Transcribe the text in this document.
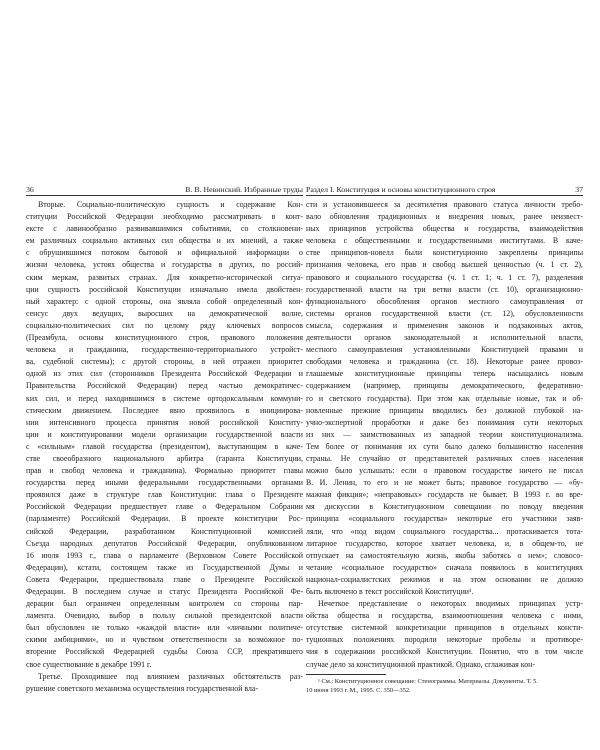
36	В. В. Невинский. Избранные труды
Вторые. Социально-политическую сущность и содержание Кон-
ституции Российской Федерации необходимо рассматривать в конт-
ексте с лавинообразно развивавшимися событиями, со столкновени-
ем различных социально активных сил общества и их мнений, а также
с обрушившимся потоком бытовой и официальной информации о
жизни человека, устоях общества и государства в других, по россий-
ским меркам, развитых странах. Для конкретно-исторической ситуа-
ции сущность российской Конституции изначально имела двойствен-
ный характер: с одной стороны, она являла собой определенный кон-
сенсус двух ведущих, выросших на демократической волне,
социально-политических сил по целому ряду ключевых вопросов
(Преамбула, основы конституционного строя, правового положения
человека и гражданина, государственно-территориального устройст-
ва, судебной системы); с другой стороны, в ней отражен приоритет
одной из этих сил (сторонников Президента Российской Федерации и
Правительства Российской Федерации) перед частью демократичес-
ких сил, и перед находившимся в системе ортодоксальным коммуни-
стическим движением. Последнее явно проявилось в инициирова-
нии интенсивного процесса принятия новой российской Конститу-
ции и конституировании модели организации государственной власти
с «сильным» главой государства (президентом), выступающим в каче-
стве своеобразного национального арбитра (гаранта Конституции,
прав и свобод человека и гражданина). Формально приоритет главы
государства перед иными федеральными государственными органами
проявился даже в структуре глав Конституции: глава о Президенте
Российской Федерации предшествует главе о Федеральном Собрании
(парламенте) Российской Федерации. В проекте конституции Рос-
сийской Федерации, разработанном Конституционной комиссией
Съезда народных депутатов Российской Федерации, опубликованном
16 июля 1993 г., глава о парламенте (Верховном Совете Российской
Федерации), кстати, состоящем также из Государственной Думы и
Совета Федерации, предшествовала главе о Президенте Российской
Федерации. В последнем случае и статус Президента Российской Фе-
дерации был ограничен определенным контролем со стороны пар-
ламента. Очевидно, выбор в пользу сильной президентской власти
был обусловлен не только «жаждой власти» или «личными политиче-
скими амбициями», но и чувством ответственности за возможное по-
вторение Российской Федерацией судьбы Союза ССР, прекратившего
свое существование в декабре 1991 г.
Третье. Проходившее под влиянием различных обстоятельств раз-
рушение советского механизма осуществления государственной вла-
Раздел I. Конституция и основы конституционного строя	37
сти и установившееся за десятилетия правового статуса личности требо-
вало обновления традиционных и внедрения новых, ранее неизвест-
ных принципов устройства общества и государства, взаимодействия
человека с общественными и государственными институтами. В каче-
стве принципов-новелл были конституционно закреплены принципы
признания человека, его прав и свобод высшей ценностью (ч. 1 ст. 2),
правового и социального государства (ч. 1 ст. 1; ч. 1 ст. 7), разделения
государственной власти на три ветви власти (ст. 10), организационно-
функционального обособления органов местного самоуправления от
системы органов государственной власти (ст. 12), обусловленности
смысла, содержания и применения законов и подзаконных актов,
деятельности органов законодательной и исполнительной власти,
местного самоуправления установленными Конституцией правами и
свободами человека и гражданина (ст. 18). Некоторые ранее провоз-
глашаемые конституционные принципы теперь насыщались новым
содержанием (например, принципы демократического, федеративно-
го и светского государства). При этом как отдельные новые, так и об-
новленные прежние принципы вводились без должной глубокой на-
учно-экспертной проработки и даже без понимания сути некоторых
из них — заимствованных из западной теории конституционализма.
Тем более от понимания их сути было далеко большинство населения
страны. Не случайно от представителей различных слоев населения
можно было услышать: если о правовом государстве ничего не писал
В. И. Ленин, то его и не может быть; правовое государство — «бу-
мажная фикция»; «неправовых» государств не бывает. В 1993 г. во вре-
мя дискуссии в Конституционном совещании по поводу введения
принципа «социального государства» некоторые его участники заяв-
ляли, что «под видом социального государства... протаскивается тота-
литарное государство, которое хватает человека, и, в общем-то, не
отпускает на самостоятельную жизнь, якобы заботясь о нем»; словосо-
четание «социальное государство» сначала появилось в конституциях
национал-социалистских режимов и на этом основании не должно
быть включено в текст российской Конституции¹.
Нечеткое представление о некоторых вводимых принципах устр-
ойства общества и государства, взаимоотношения человека с ними,
отсутствие системной конкретизации принципов в отдельных консти-
туционных положениях породили некоторые пробелы и противоре-
чия в содержании российской Конституции. Понятно, что в том числе
случае дело за конституционной практикой. Однако, сглаживая кон-
¹ См.: Конституционное совещание: Стенограммы. Материалы. Документы. Т. 5.
10 июня 1993 г. М., 1995. С. 350—352.
